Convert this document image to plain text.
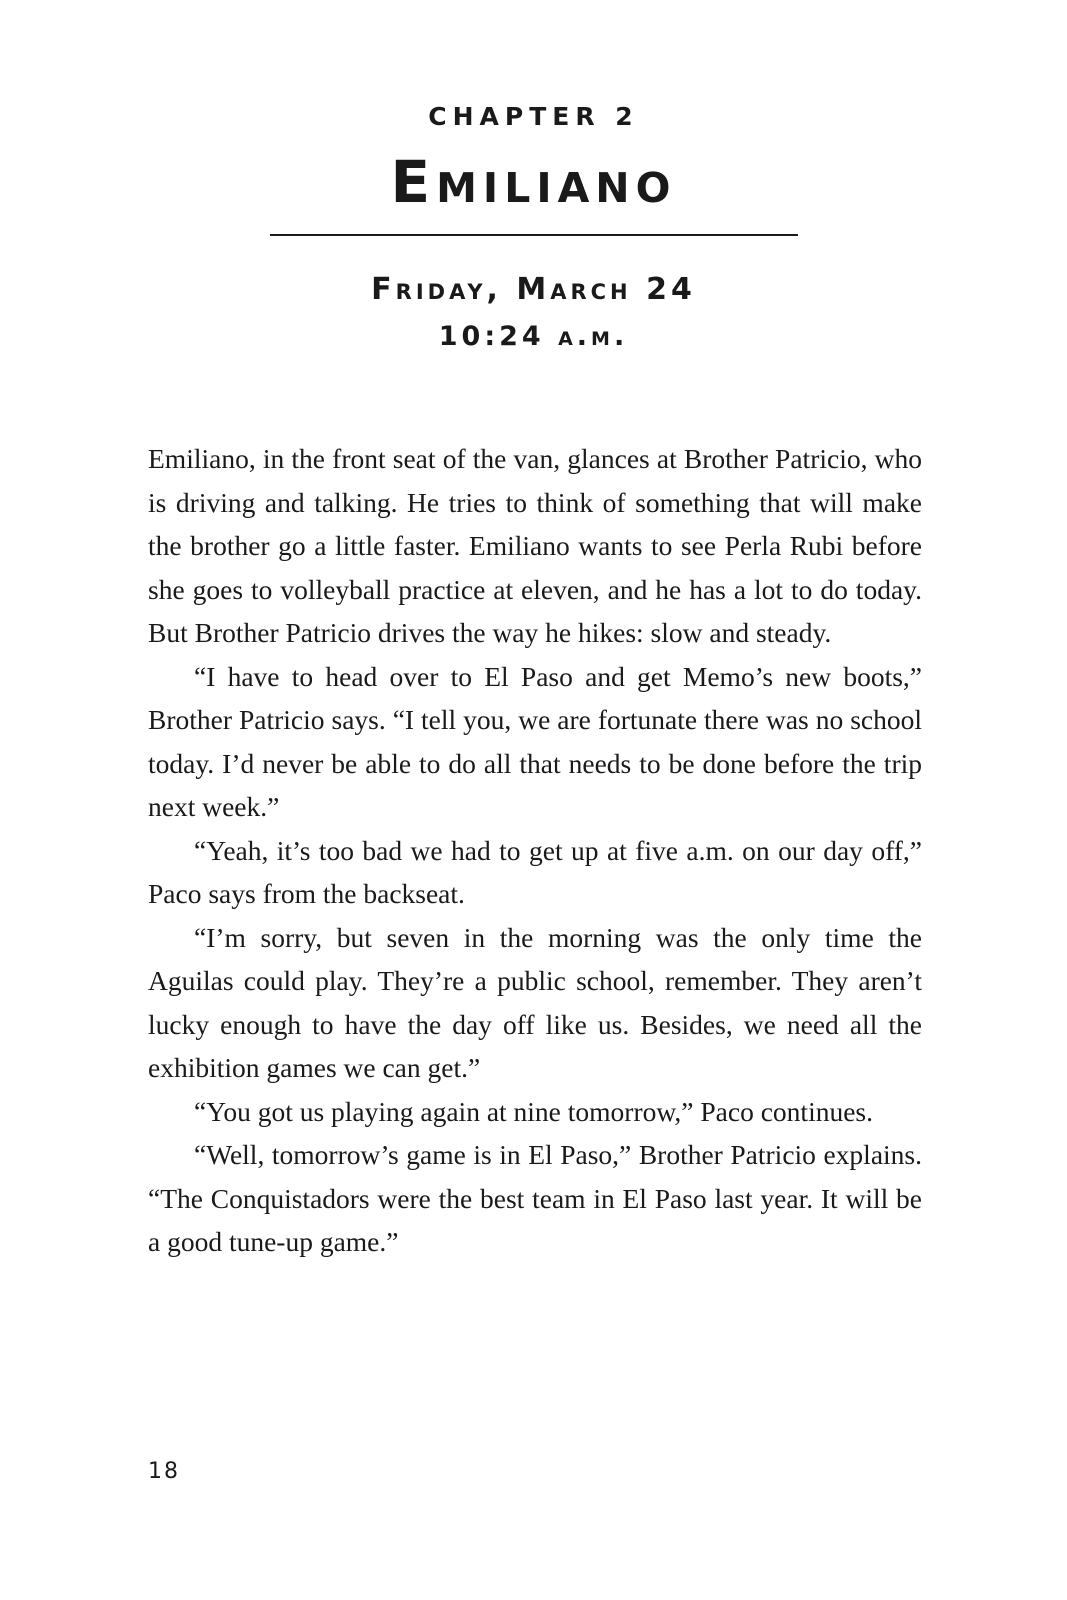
CHAPTER 2
Emiliano
Friday, March 24
10:24 a.m.

Emiliano, in the front seat of the van, glances at Brother Patricio, who is driving and talking. He tries to think of something that will make the brother go a little faster. Emiliano wants to see Perla Rubi before she goes to volleyball practice at eleven, and he has a lot to do today. But Brother Patricio drives the way he hikes: slow and steady.

“I have to head over to El Paso and get Memo’s new boots,” Brother Patricio says. “I tell you, we are fortunate there was no school today. I’d never be able to do all that needs to be done before the trip next week.”

“Yeah, it’s too bad we had to get up at five a.m. on our day off,” Paco says from the backseat.

“I’m sorry, but seven in the morning was the only time the Aguilas could play. They’re a public school, remember. They aren’t lucky enough to have the day off like us. Besides, we need all the exhibition games we can get.”

“You got us playing again at nine tomorrow,” Paco continues.

“Well, tomorrow’s game is in El Paso,” Brother Patricio explains. “The Conquistadors were the best team in El Paso last year. It will be a good tune-up game.”

18
